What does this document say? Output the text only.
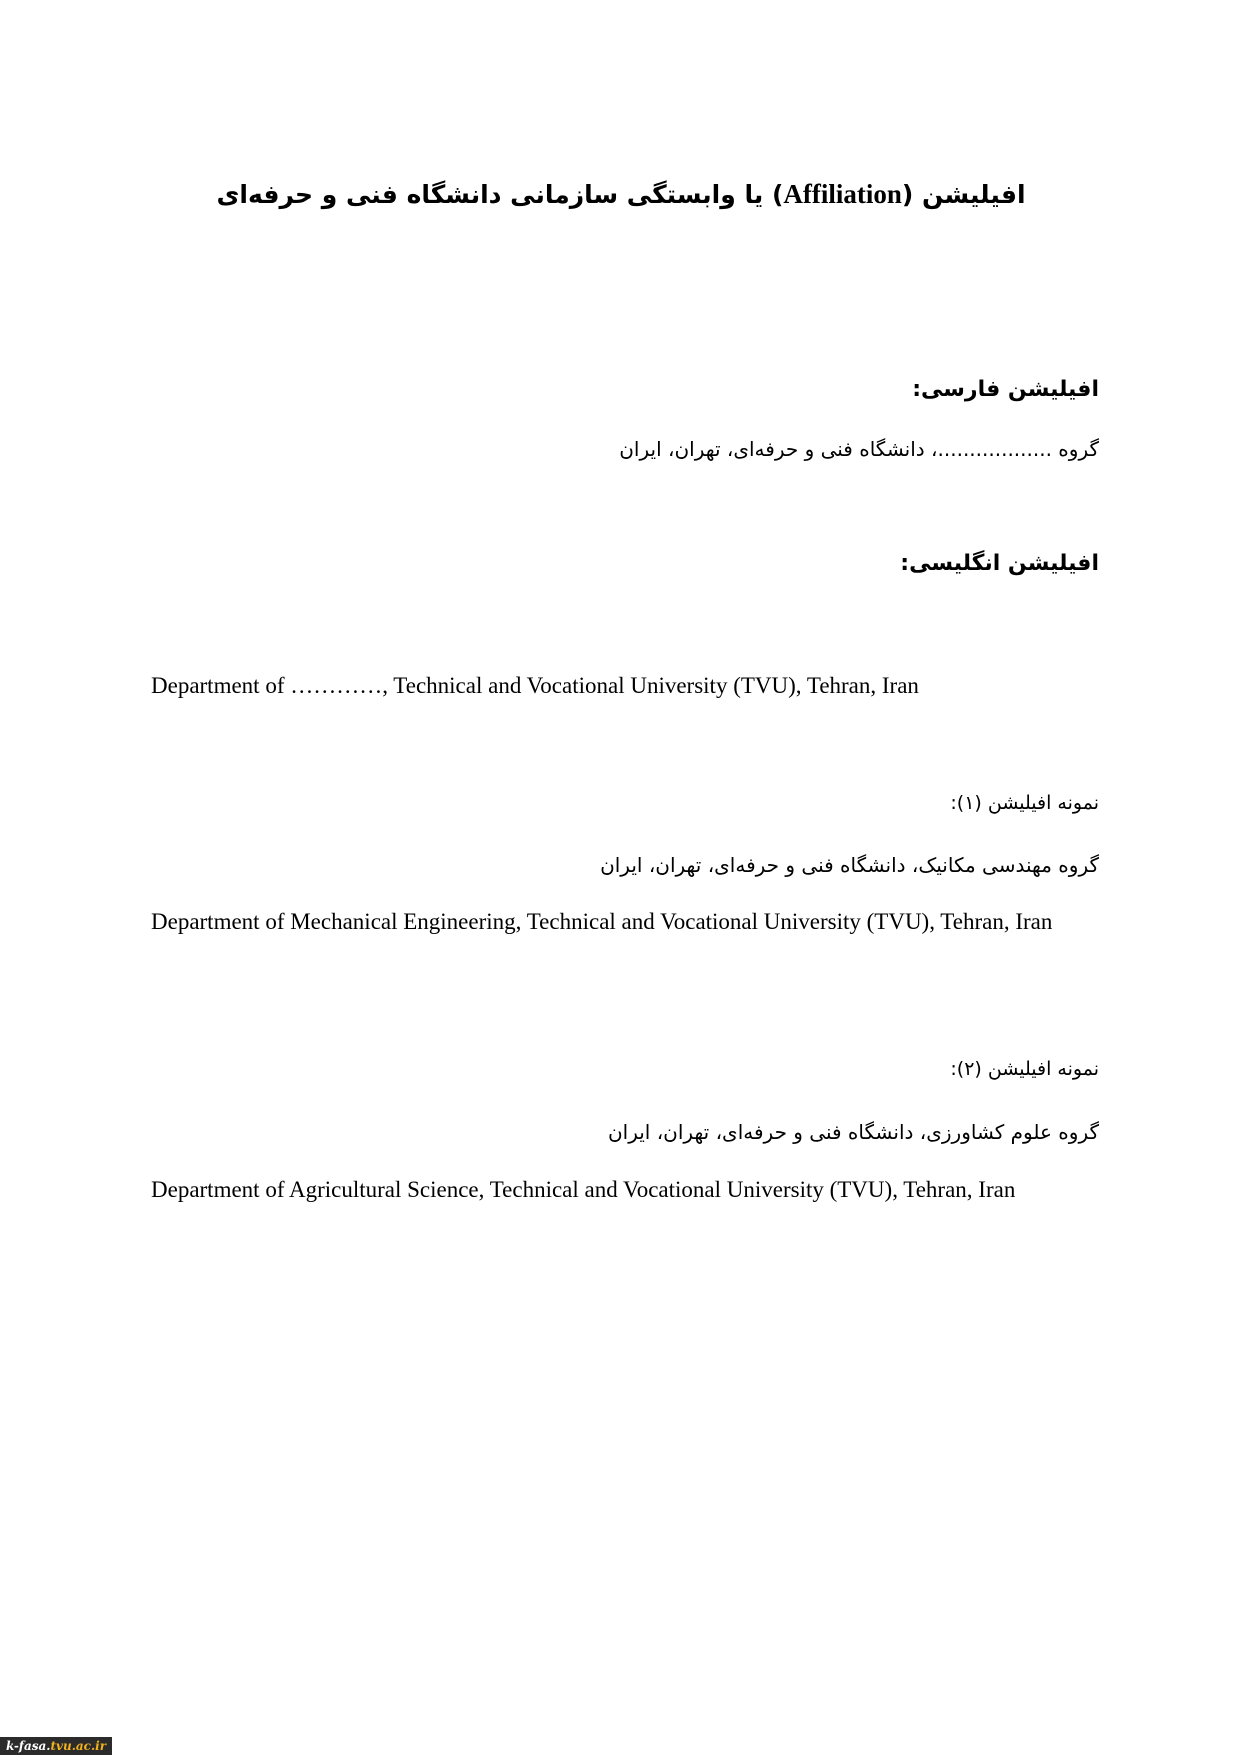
افیلیشن (Affiliation) یا وابستگی سازمانی دانشگاه فنی و حرفه‌ای
افیلیشن فارسی:

گروه ..................، دانشگاه فنی و حرفه‌ای، تهران، ایران

افیلیشن انگلیسی:

Department of …………, Technical and Vocational University (TVU), Tehran, Iran

نمونه افیلیشن (۱):

گروه مهندسی مکانیک، دانشگاه فنی و حرفه‌ای، تهران، ایران

Department of Mechanical Engineering, Technical and Vocational University (TVU), Tehran, Iran

نمونه افیلیشن (۲):

گروه علوم کشاورزی، دانشگاه فنی و حرفه‌ای، تهران، ایران

Department of Agricultural Science, Technical and Vocational University (TVU), Tehran, Iran

k-fasa.tvu.ac.ir
